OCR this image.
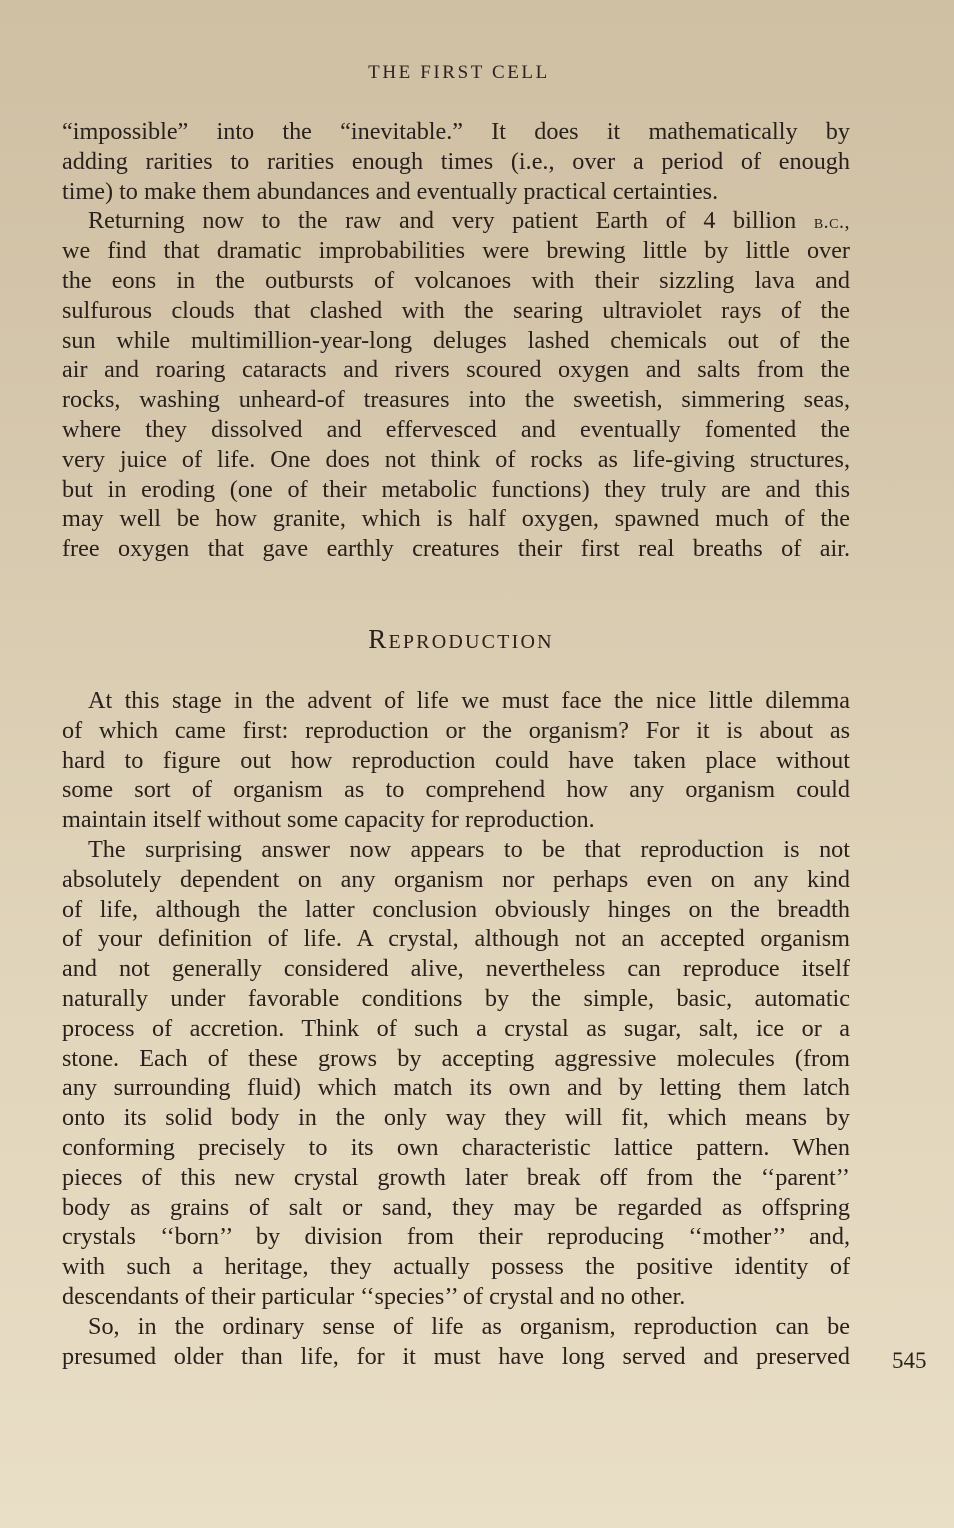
THE FIRST CELL
“impossible” into the “inevitable.” It does it mathematically by
adding rarities to rarities enough times (i.e., over a period of enough
time) to make them abundances and eventually practical certainties.
Returning now to the raw and very patient Earth of 4 billion b.c.,
we find that dramatic improbabilities were brewing little by little over
the eons in the outbursts of volcanoes with their sizzling lava and
sulfurous clouds that clashed with the searing ultraviolet rays of the
sun while multimillion-year-long deluges lashed chemicals out of the
air and roaring cataracts and rivers scoured oxygen and salts from the
rocks, washing unheard-of treasures into the sweetish, simmering seas,
where they dissolved and effervesced and eventually fomented the
very juice of life. One does not think of rocks as life-giving structures,
but in eroding (one of their metabolic functions) they truly are and this
may well be how granite, which is half oxygen, spawned much of the
free oxygen that gave earthly creatures their first real breaths of air.
REPRODUCTION
At this stage in the advent of life we must face the nice little dilemma
of which came first: reproduction or the organism? For it is about as
hard to figure out how reproduction could have taken place without
some sort of organism as to comprehend how any organism could
maintain itself without some capacity for reproduction.
The surprising answer now appears to be that reproduction is not
absolutely dependent on any organism nor perhaps even on any kind
of life, although the latter conclusion obviously hinges on the breadth
of your definition of life. A crystal, although not an accepted organism
and not generally considered alive, nevertheless can reproduce itself
naturally under favorable conditions by the simple, basic, automatic
process of accretion. Think of such a crystal as sugar, salt, ice or a
stone. Each of these grows by accepting aggressive molecules (from
any surrounding fluid) which match its own and by letting them latch
onto its solid body in the only way they will fit, which means by
conforming precisely to its own characteristic lattice pattern. When
pieces of this new crystal growth later break off from the ‘‘parent’’
body as grains of salt or sand, they may be regarded as offspring
crystals ‘‘born’’ by division from their reproducing ‘‘mother’’ and,
with such a heritage, they actually possess the positive identity of
descendants of their particular ‘‘species’’ of crystal and no other.
So, in the ordinary sense of life as organism, reproduction can be
presumed older than life, for it must have long served and preserved 545
